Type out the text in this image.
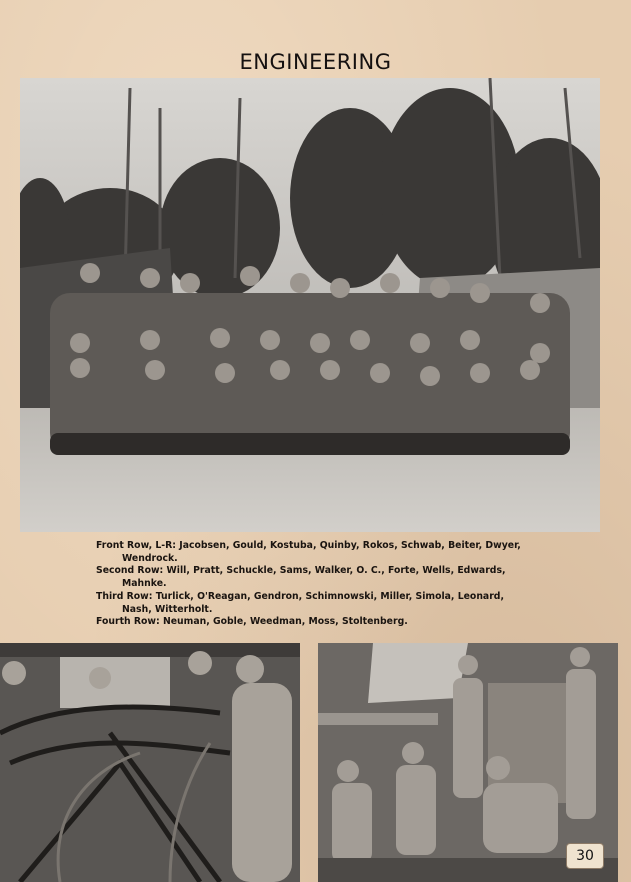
ENGINEERING

Front Row, L-R: Jacobsen, Gould, Kostuba, Quinby, Rokos, Schwab, Beiter, Dwyer, Wendrock.

Second Row: Will, Pratt, Schuckle, Sams, Walker, O. C., Forte, Wells, Edwards, Mahnke.

Third Row: Turlick, O'Reagan, Gendron, Schimnowski, Miller, Simola, Leonard, Nash, Witterholt.

Fourth Row: Neuman, Goble, Weedman, Moss, Stoltenberg.

30
